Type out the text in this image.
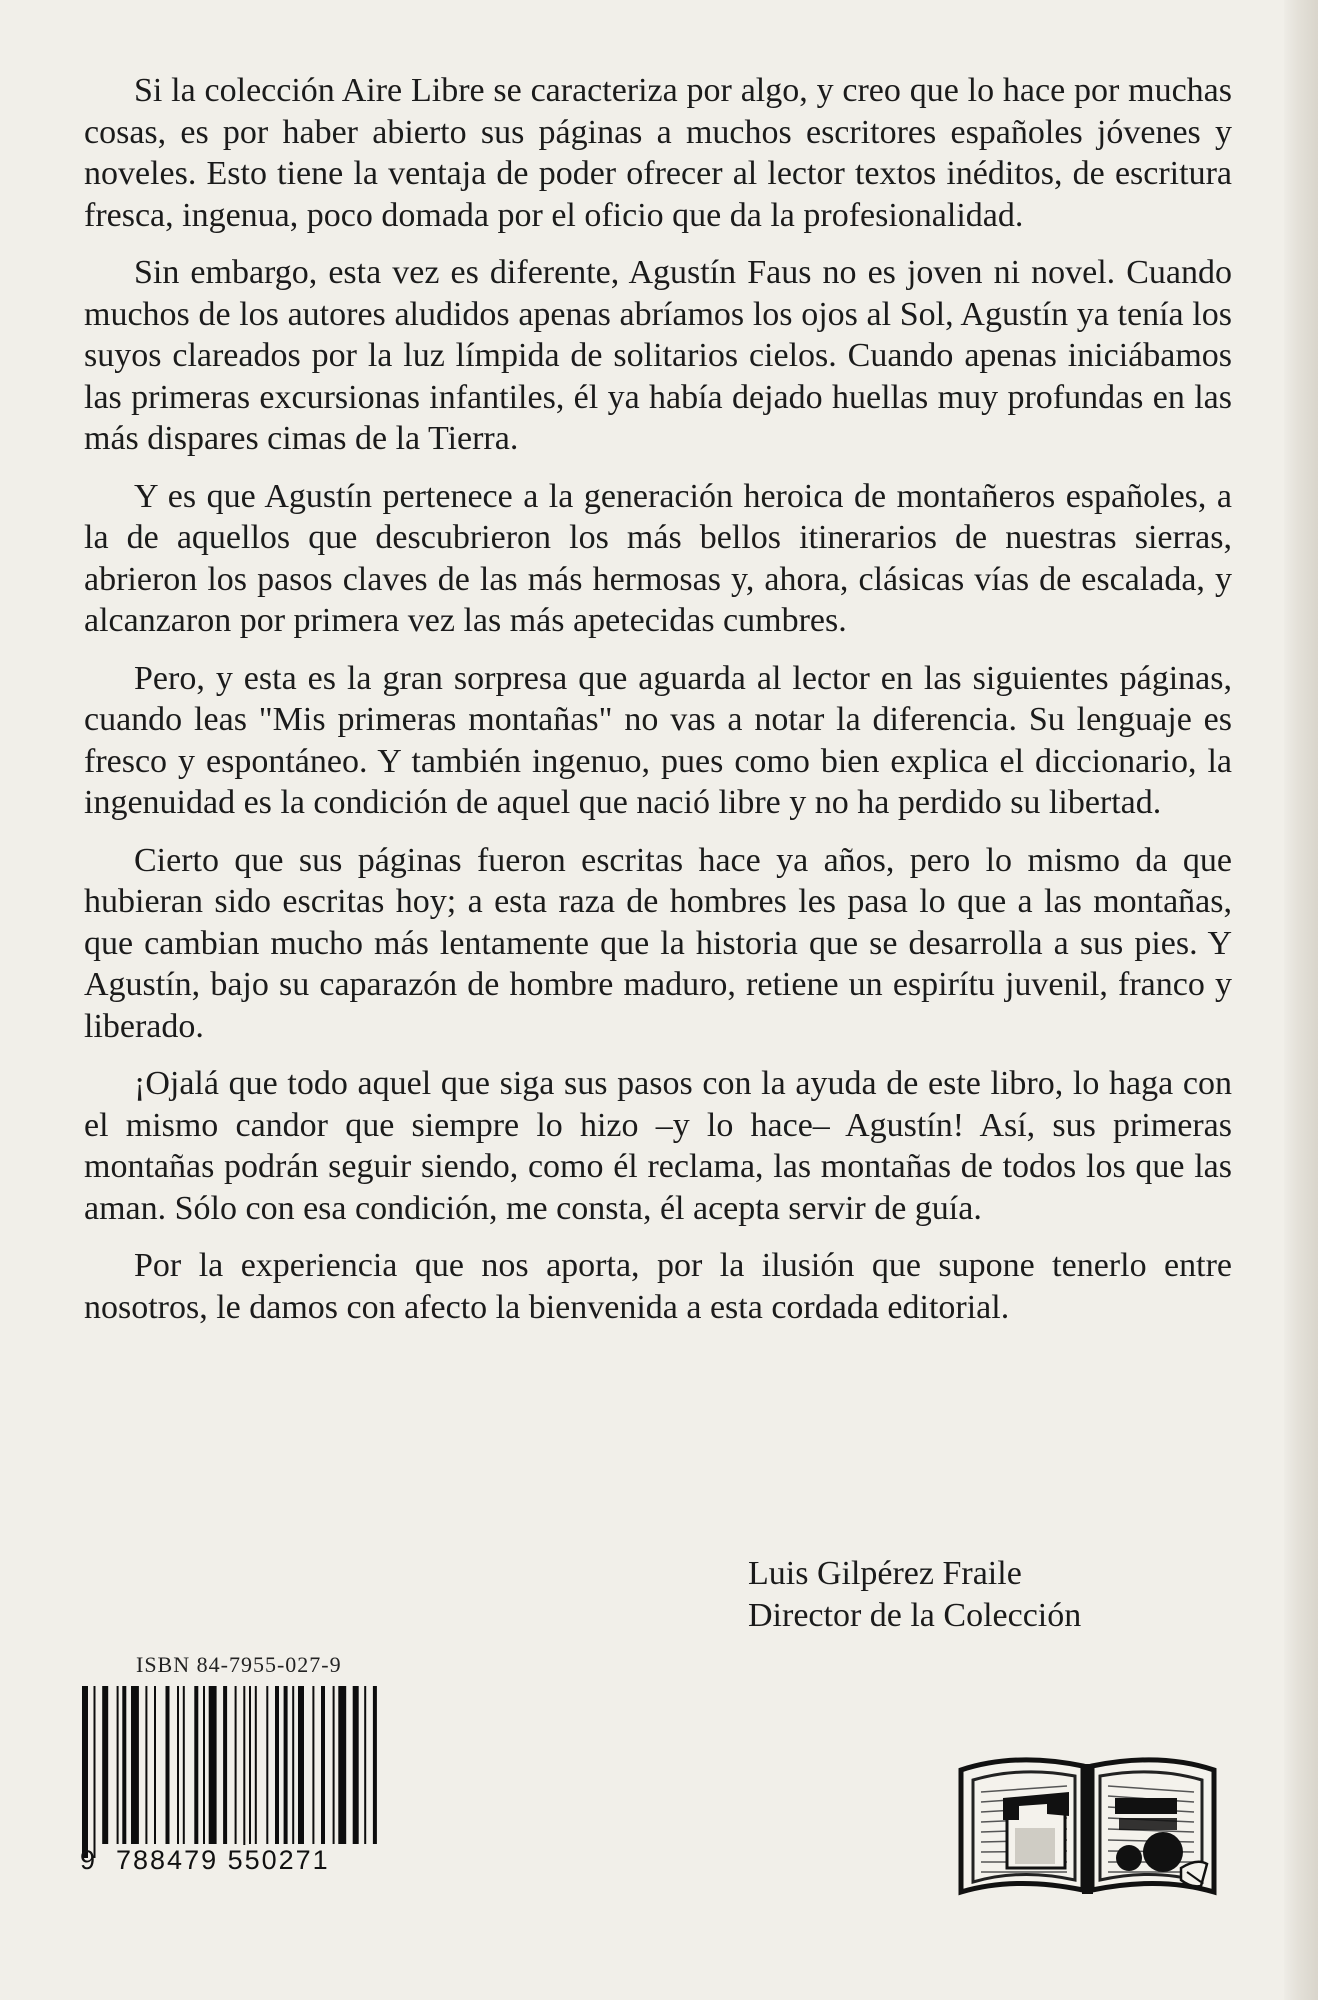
Si la colección Aire Libre se caracteriza por algo, y creo que lo hace por muchas cosas, es por haber abierto sus páginas a muchos escritores españoles jóvenes y noveles. Esto tiene la ventaja de poder ofrecer al lector textos inéditos, de escritura fresca, ingenua, poco domada por el oficio que da la profesionalidad.

Sin embargo, esta vez es diferente, Agustín Faus no es joven ni novel. Cuando muchos de los autores aludidos apenas abríamos los ojos al Sol, Agustín ya tenía los suyos clareados por la luz límpida de solitarios cielos. Cuando apenas iniciábamos las primeras excursionas infantiles, él ya había dejado huellas muy profundas en las más dispares cimas de la Tierra.

Y es que Agustín pertenece a la generación heroica de montañeros españoles, a la de aquellos que descubrieron los más bellos itinerarios de nuestras sierras, abrieron los pasos claves de las más hermosas y, ahora, clásicas vías de escalada, y alcanzaron por primera vez las más apetecidas cumbres.

Pero, y esta es la gran sorpresa que aguarda al lector en las siguientes páginas, cuando leas "Mis primeras montañas" no vas a notar la diferencia. Su lenguaje es fresco y espontáneo. Y también ingenuo, pues como bien explica el diccionario, la ingenuidad es la condición de aquel que nació libre y no ha perdido su libertad.

Cierto que sus páginas fueron escritas hace ya años, pero lo mismo da que hubieran sido escritas hoy; a esta raza de hombres les pasa lo que a las montañas, que cambian mucho más lentamente que la historia que se desarrolla a sus pies. Y Agustín, bajo su caparazón de hombre maduro, retiene un espirítu juvenil, franco y liberado.

¡Ojalá que todo aquel que siga sus pasos con la ayuda de este libro, lo haga con el mismo candor que siempre lo hizo –y lo hace– Agustín! Así, sus primeras montañas podrán seguir siendo, como él reclama, las montañas de todos los que las aman. Sólo con esa condición, me consta, él acepta servir de guía.

Por la experiencia que nos aporta, por la ilusión que supone tenerlo entre nosotros, le damos con afecto la bienvenida a esta cordada editorial.

Luis Gilpérez Fraile
Director de la Colección
ISBN 84-7955-027-9
9 788479 550271
